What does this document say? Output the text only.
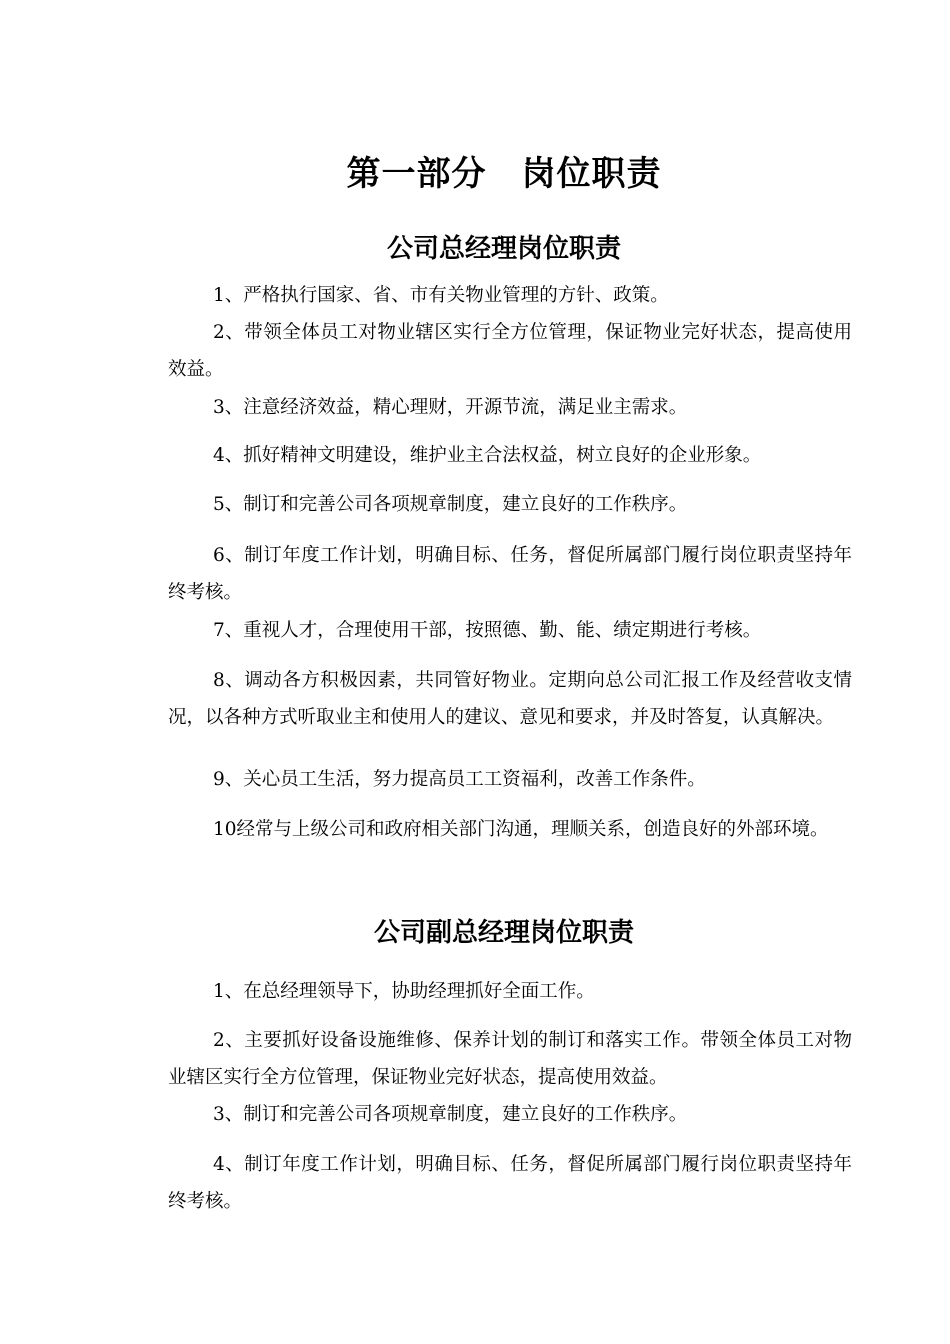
第一部分　岗位职责
公司总经理岗位职责

1、严格执行国家、省、市有关物业管理的方针、政策。

2、带领全体员工对物业辖区实行全方位管理，保证物业完好状态，提高使用效益。

3、注意经济效益，精心理财，开源节流，满足业主需求。

4、抓好精神文明建设，维护业主合法权益，树立良好的企业形象。

5、制订和完善公司各项规章制度，建立良好的工作秩序。

6、制订年度工作计划，明确目标、任务，督促所属部门履行岗位职责坚持年终考核。

7、重视人才，合理使用干部，按照德、勤、能、绩定期进行考核。

8、调动各方积极因素，共同管好物业。定期向总公司汇报工作及经营收支情况，以各种方式听取业主和使用人的建议、意见和要求，并及时答复，认真解决。

9、关心员工生活，努力提高员工工资福利，改善工作条件。

10经常与上级公司和政府相关部门沟通，理顺关系，创造良好的外部环境。

公司副总经理岗位职责

1、在总经理领导下，协助经理抓好全面工作。

2、主要抓好设备设施维修、保养计划的制订和落实工作。带领全体员工对物业辖区实行全方位管理，保证物业完好状态，提高使用效益。

3、制订和完善公司各项规章制度，建立良好的工作秩序。

4、制订年度工作计划，明确目标、任务，督促所属部门履行岗位职责坚持年终考核。
